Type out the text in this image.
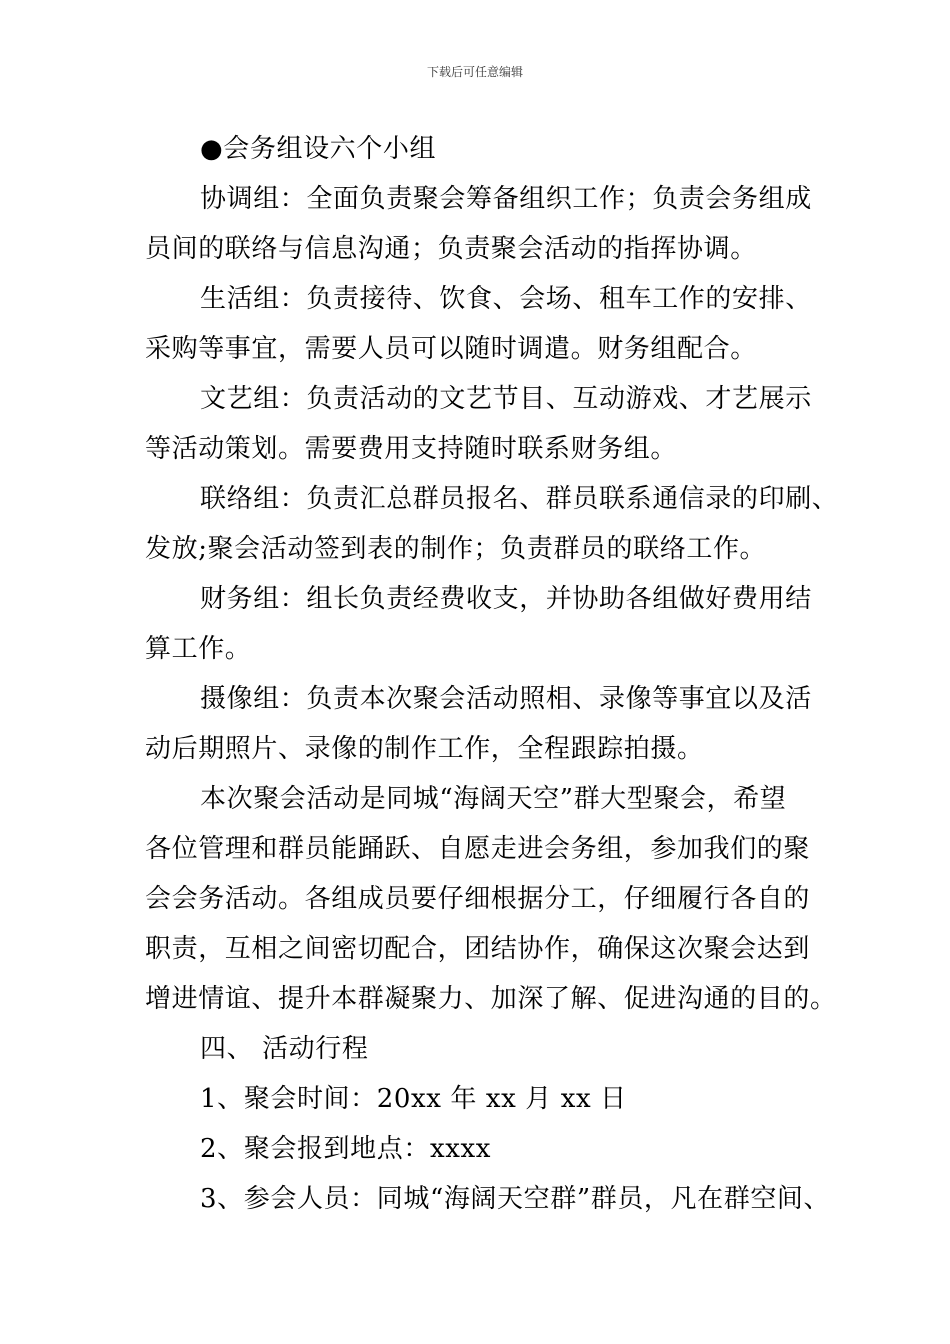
下载后可任意编辑
●会务组设六个小组
协调组：全面负责聚会筹备组织工作；负责会务组成
员间的联络与信息沟通；负责聚会活动的指挥协调。
生活组：负责接待、饮食、会场、租车工作的安排、
采购等事宜，需要人员可以随时调遣。财务组配合。
文艺组：负责活动的文艺节目、互动游戏、才艺展示
等活动策划。需要费用支持随时联系财务组。
联络组：负责汇总群员报名、群员联系通信录的印刷、
发放;聚会活动签到表的制作；负责群员的联络工作。
财务组：组长负责经费收支，并协助各组做好费用结
算工作。
摄像组：负责本次聚会活动照相、录像等事宜以及活
动后期照片、录像的制作工作，全程跟踪拍摄。
本次聚会活动是同城“海阔天空”群大型聚会，希望
各位管理和群员能踊跃、自愿走进会务组，参加我们的聚
会会务活动。各组成员要仔细根据分工，仔细履行各自的
职责，互相之间密切配合，团结协作，确保这次聚会达到
增进情谊、提升本群凝聚力、加深了解、促进沟通的目的。
四、 活动行程
1、聚会时间：20xx 年 xx 月 xx 日
2、聚会报到地点：xxxx
3、参会人员：同城“海阔天空群”群员，凡在群空间、
